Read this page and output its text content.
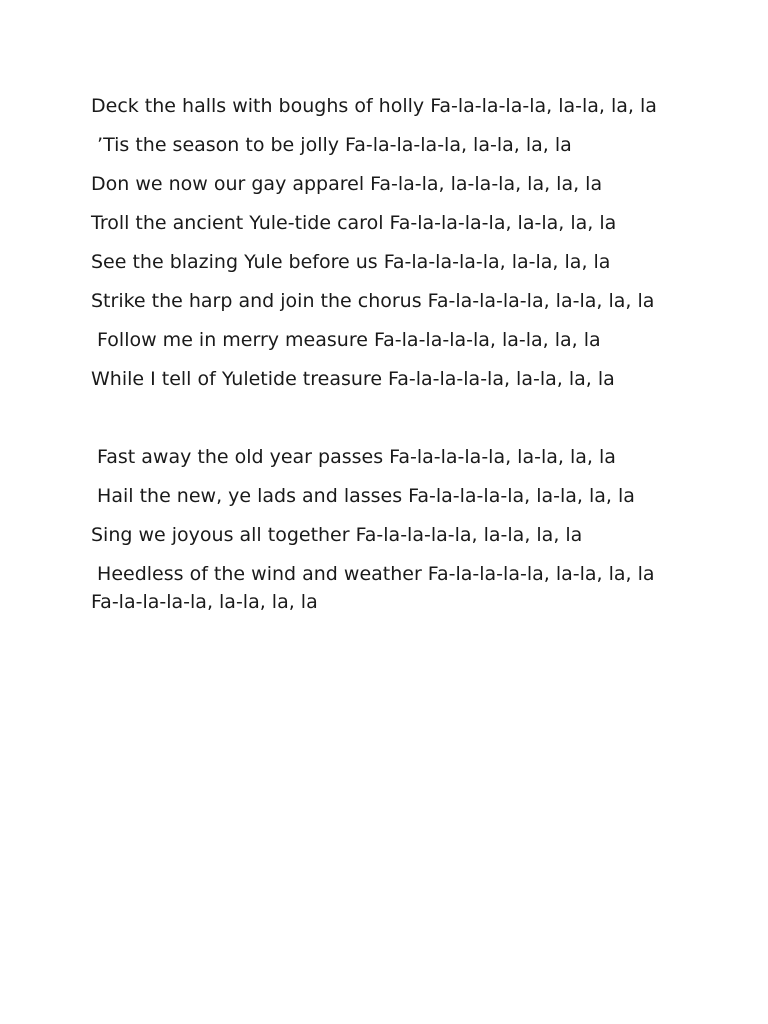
Deck the halls with boughs of holly Fa-la-la-la-la, la-la, la, la

’Tis the season to be jolly Fa-la-la-la-la, la-la, la, la

Don we now our gay apparel Fa-la-la, la-la-la, la, la, la

Troll the ancient Yule-tide carol Fa-la-la-la-la, la-la, la, la

See the blazing Yule before us Fa-la-la-la-la, la-la, la, la

Strike the harp and join the chorus Fa-la-la-la-la, la-la, la, la

Follow me in merry measure Fa-la-la-la-la, la-la, la, la

While I tell of Yuletide treasure Fa-la-la-la-la, la-la, la, la

Fast away the old year passes Fa-la-la-la-la, la-la, la, la

Hail the new, ye lads and lasses Fa-la-la-la-la, la-la, la, la

Sing we joyous all together Fa-la-la-la-la, la-la, la, la

Heedless of the wind and weather Fa-la-la-la-la, la-la, la, la Fa-la-la-la-la, la-la, la, la
